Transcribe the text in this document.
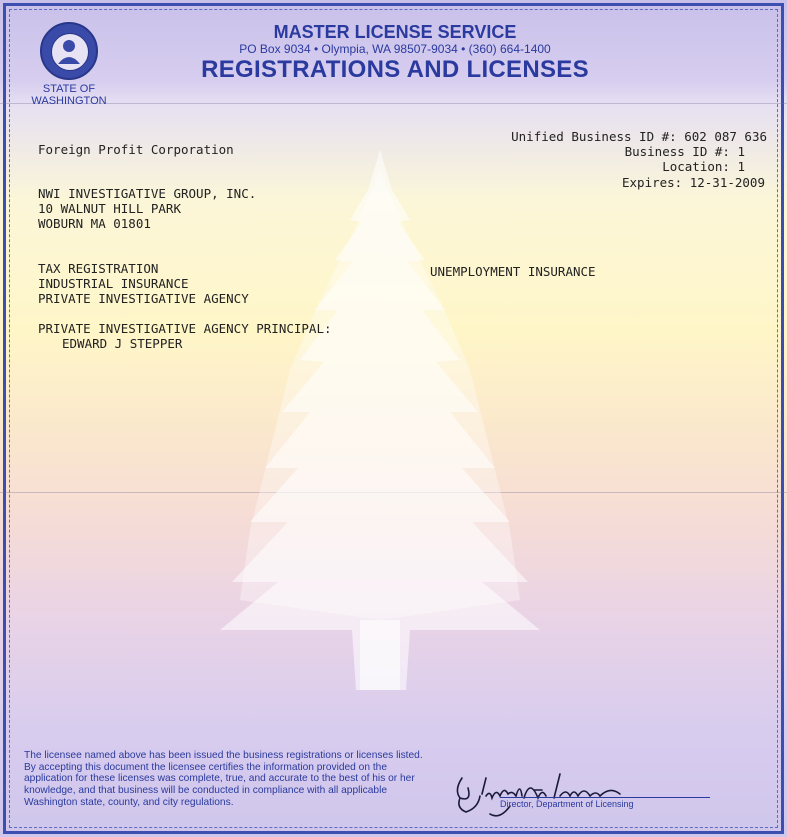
STATE OF
WASHINGTON
MASTER LICENSE SERVICE
PO Box 9034 • Olympia, WA 98507-9034 • (360) 664-1400
REGISTRATIONS AND LICENSES
Foreign Profit Corporation
Unified Business ID #: 602 087 636
Business ID #: 1
Location: 1
Expires: 12-31-2009
NWI INVESTIGATIVE GROUP, INC.
10 WALNUT HILL PARK
WOBURN MA 01801
TAX REGISTRATION
INDUSTRIAL INSURANCE
PRIVATE INVESTIGATIVE AGENCY
UNEMPLOYMENT INSURANCE
PRIVATE INVESTIGATIVE AGENCY PRINCIPAL:
EDWARD J STEPPER
The licensee named above has been issued the business registrations or licenses listed. By accepting this document the licensee certifies the information provided on the application for these licenses was complete, true, and accurate to the best of his or her knowledge, and that business will be conducted in compliance with all applicable Washington state, county, and city regulations.	Director, Department of Licensing
